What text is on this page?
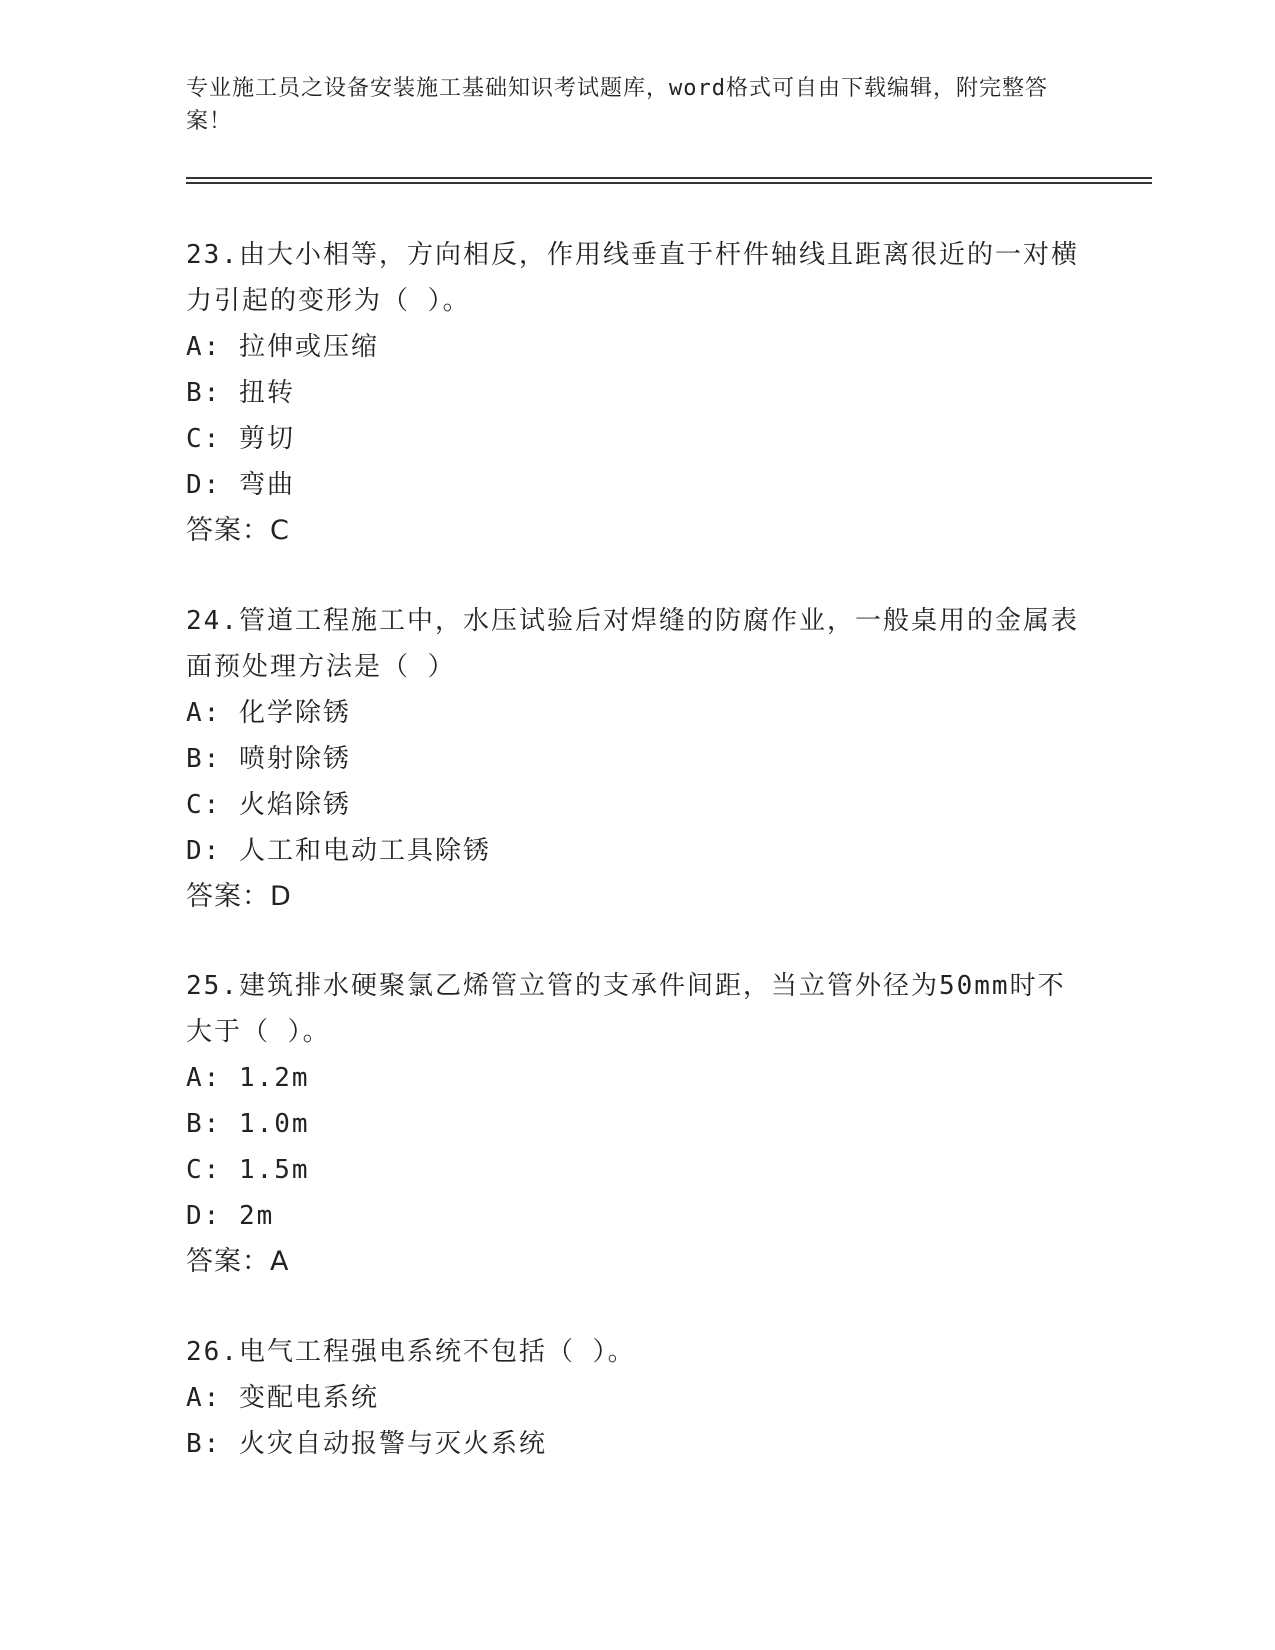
专业施工员之设备安装施工基础知识考试题库，word格式可自由下载编辑，附完整答案！
23.由大小相等，方向相反，作用线垂直于杆件轴线且距离很近的一对横力引起的变形为（ ）。
A: 拉伸或压缩
B: 扭转
C: 剪切
D: 弯曲
答案：C
24.管道工程施工中，水压试验后对焊缝的防腐作业，一般桌用的金属表面预处理方法是（ ）
A: 化学除锈
B: 喷射除锈
C: 火焰除锈
D: 人工和电动工具除锈
答案：D
25.建筑排水硬聚氯乙烯管立管的支承件间距，当立管外径为50mm时不大于（ ）。
A: 1.2m
B: 1.0m
C: 1.5m
D: 2m
答案：A
26.电气工程强电系统不包括（ ）。
A: 变配电系统
B: 火灾自动报警与灭火系统
